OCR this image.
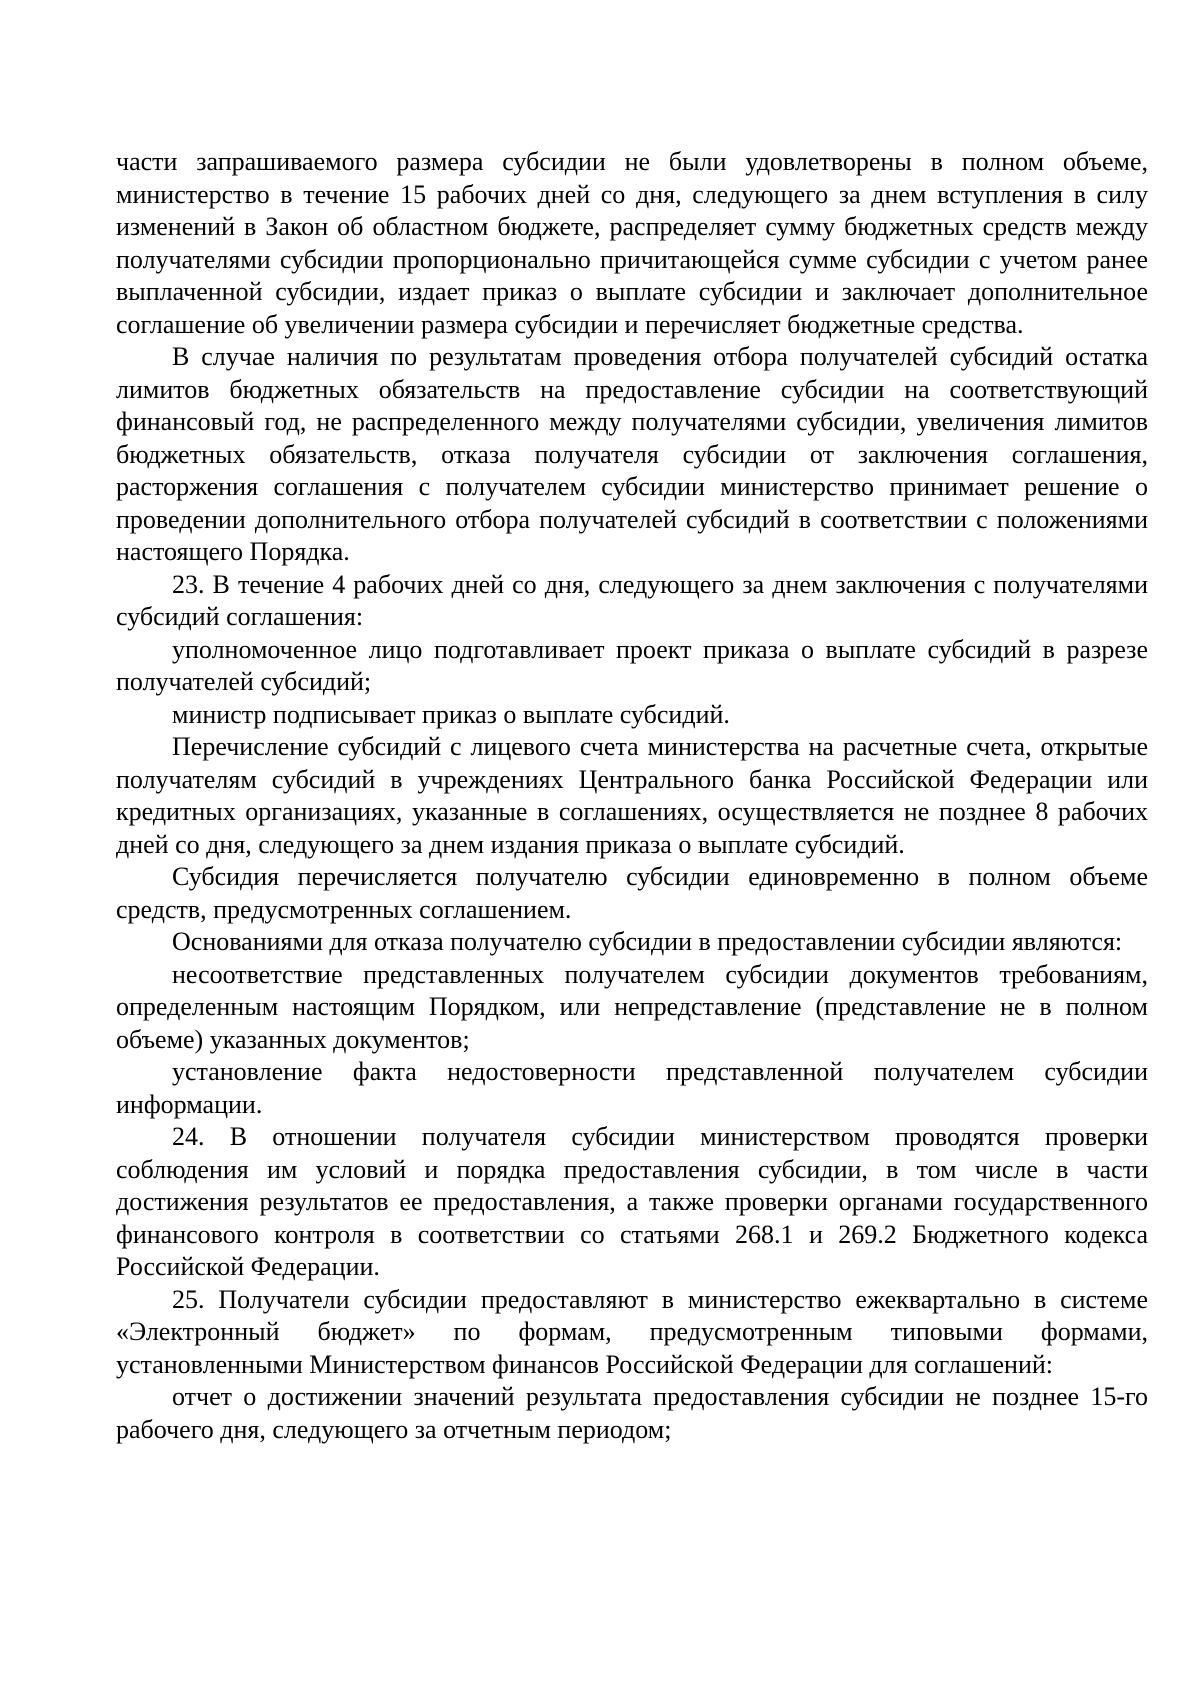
части запрашиваемого размера субсидии не были удовлетворены в полном объеме, министерство в течение 15 рабочих дней со дня, следующего за днем вступления в силу изменений в Закон об областном бюджете, распределяет сумму бюджетных средств между получателями субсидии пропорционально причитающейся сумме субсидии с учетом ранее выплаченной субсидии, издает приказ о выплате субсидии и заключает дополнительное соглашение об увеличении размера субсидии и перечисляет бюджетные средства.

В случае наличия по результатам проведения отбора получателей субсидий остатка лимитов бюджетных обязательств на предоставление субсидии на соответствующий финансовый год, не распределенного между получателями субсидии, увеличения лимитов бюджетных обязательств, отказа получателя субсидии от заключения соглашения, расторжения соглашения с получателем субсидии министерство принимает решение о проведении дополнительного отбора получателей субсидий в соответствии с положениями настоящего Порядка.

23. В течение 4 рабочих дней со дня, следующего за днем заключения с получателями субсидий соглашения:

уполномоченное лицо подготавливает проект приказа о выплате субсидий в разрезе получателей субсидий;

министр подписывает приказ о выплате субсидий.

Перечисление субсидий с лицевого счета министерства на расчетные счета, открытые получателям субсидий в учреждениях Центрального банка Российской Федерации или кредитных организациях, указанные в соглашениях, осуществляется не позднее 8 рабочих дней со дня, следующего за днем издания приказа о выплате субсидий.

Субсидия перечисляется получателю субсидии единовременно в полном объеме средств, предусмотренных соглашением.

Основаниями для отказа получателю субсидии в предоставлении субсидии являются:

несоответствие представленных получателем субсидии документов требованиям, определенным настоящим Порядком, или непредставление (представление не в полном объеме) указанных документов;

установление факта недостоверности представленной получателем субсидии информации.

24. В отношении получателя субсидии министерством проводятся проверки соблюдения им условий и порядка предоставления субсидии, в том числе в части достижения результатов ее предоставления, а также проверки органами государственного финансового контроля в соответствии со статьями 268.1 и 269.2 Бюджетного кодекса Российской Федерации.

25. Получатели субсидии предоставляют в министерство ежеквартально в системе «Электронный бюджет» по формам, предусмотренным типовыми формами, установленными Министерством финансов Российской Федерации для соглашений:

отчет о достижении значений результата предоставления субсидии не позднее 15-го рабочего дня, следующего за отчетным периодом;
